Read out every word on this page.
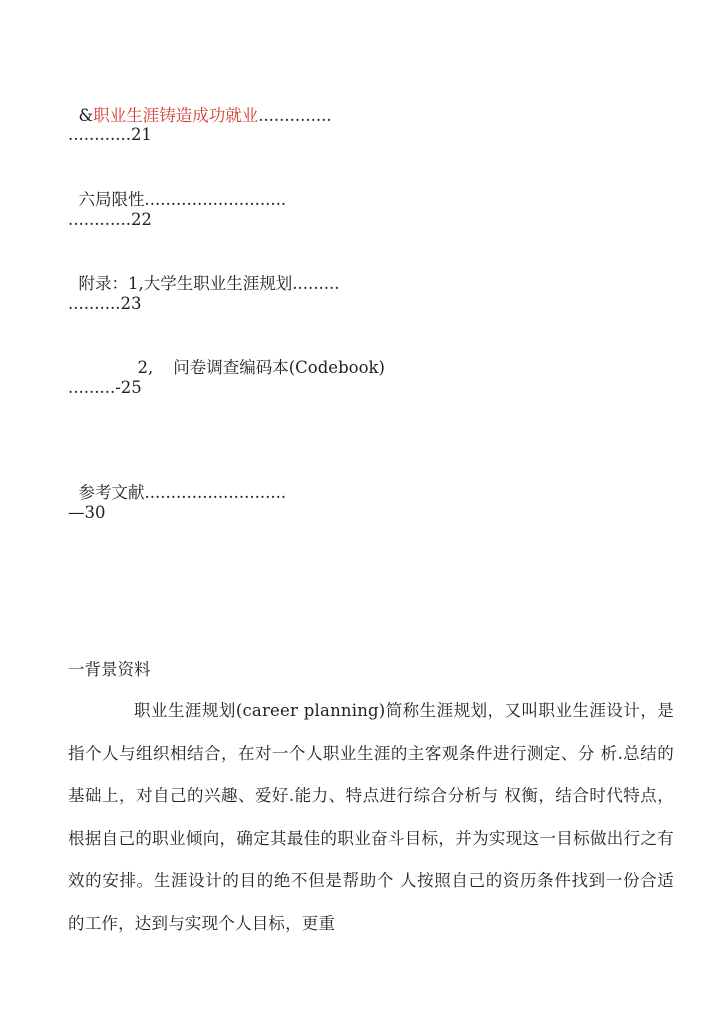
&职业生涯铸造成功就业..............

............21

六局限性...........................

............22

附录：1,大学生职业生涯规划.........

..........23

2, 问卷调查编码本(Codebook)

.........-25

参考文献...........................

—30
一背景资料

职业生涯规划(career planning)简称生涯规划，又叫职业生涯设计，是指个人与组织相结合，在对一个人职业生涯的主客观条件进行测定、分 析.总结的基础上，对自己的兴趣、爱好.能力、特点进行综合分析与 权衡，结合时代特点，根据自己的职业倾向，确定其最佳的职业奋斗目标，并为实现这一目标做出行之有效的安排。生涯设计的目的绝不但是帮助个 人按照自己的资历条件找到一份合适的工作，达到与实现个人目标，更重
